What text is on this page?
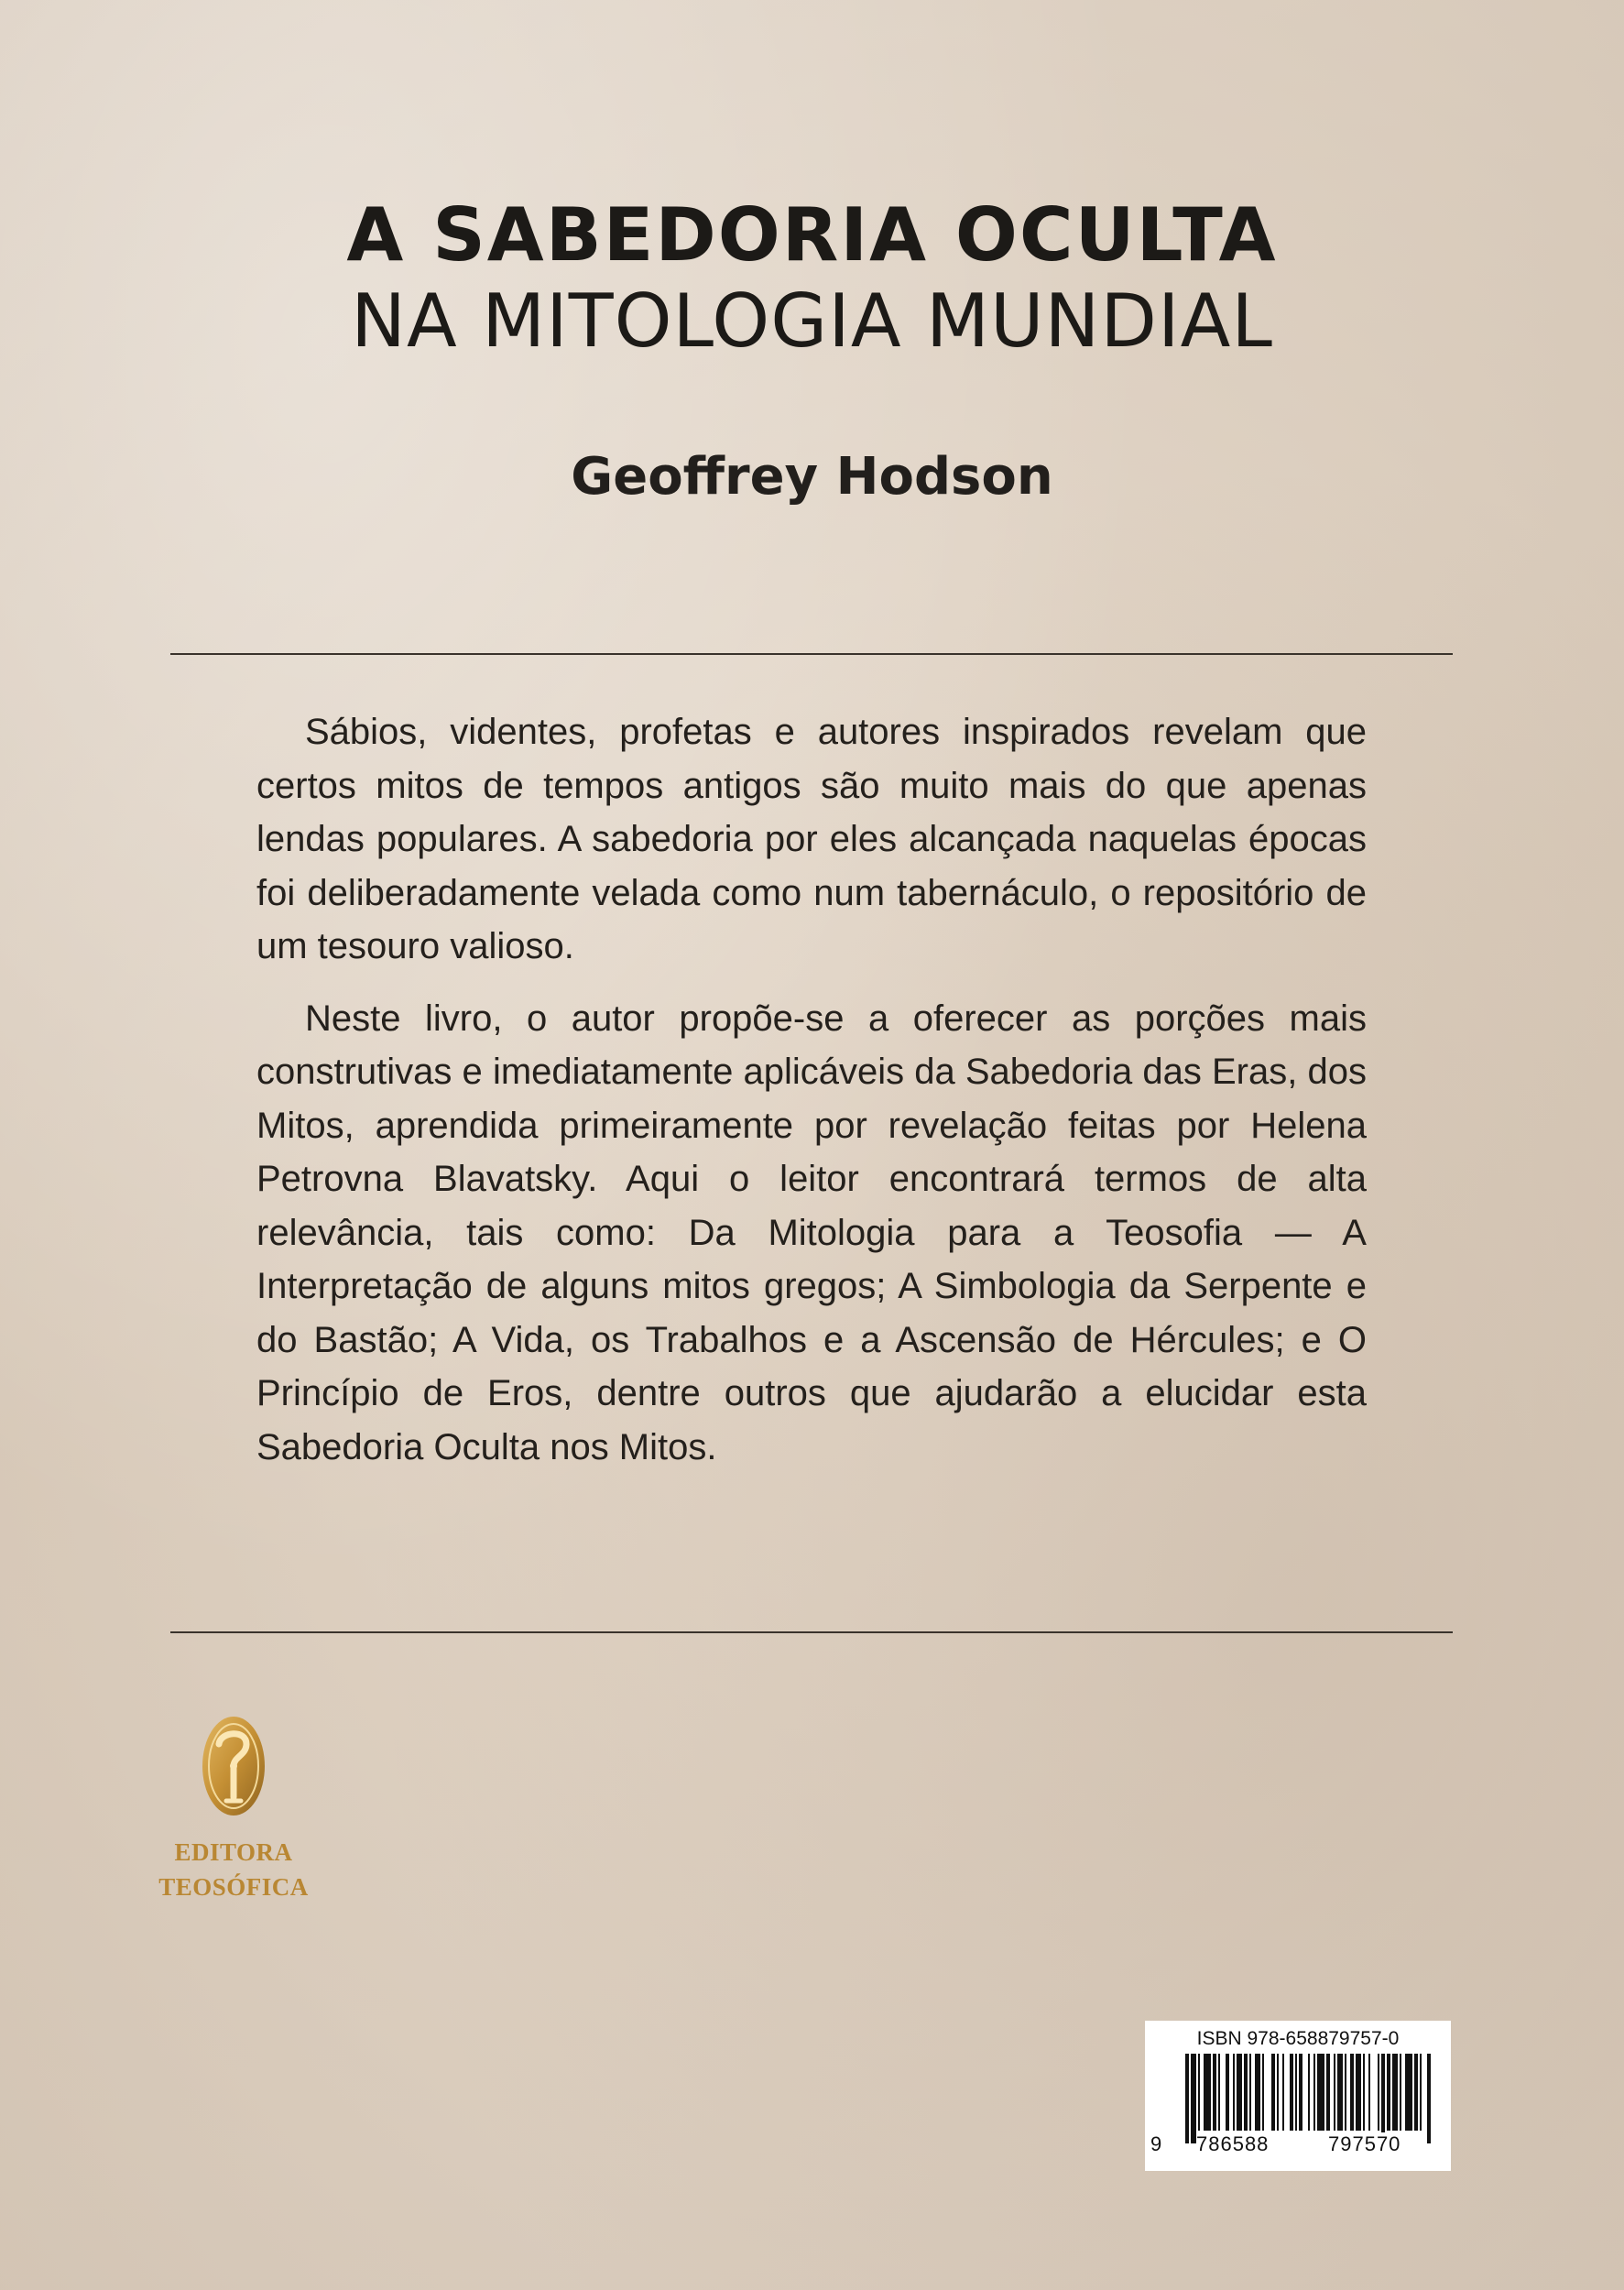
A SABEDORIA OCULTA
NA MITOLOGIA MUNDIAL
Geoffrey Hodson

Sábios, videntes, profetas e autores inspirados revelam que certos mitos de tempos antigos são muito mais do que apenas lendas populares. A sabedoria por eles alcançada naquelas épocas foi deliberadamente velada como num tabernáculo, o repositório de um tesouro valioso.

Neste livro, o autor propõe-se a oferecer as porções mais construtivas e imediatamente aplicáveis da Sabedoria das Eras, dos Mitos, aprendida primeiramente por revelação feitas por Helena Petrovna Blavatsky. Aqui o leitor encontrará termos de alta relevância, tais como: Da Mitologia para a Teosofia — A Interpretação de alguns mitos gregos; A Simbologia da Serpente e do Bastão; A Vida, os Trabalhos e a Ascensão de Hércules; e O Princípio de Eros, dentre outros que ajudarão a elucidar esta Sabedoria Oculta nos Mitos.

EDITORA
TEOSÓFICA
ISBN 978-658879757-0
9 786588	797570
